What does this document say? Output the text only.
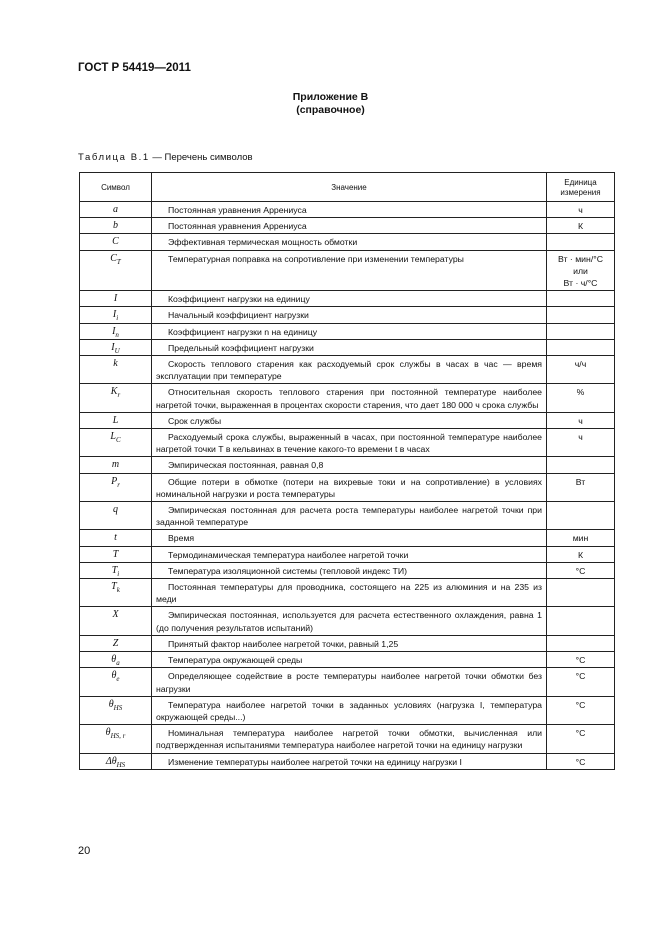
ГОСТ Р 54419—2011
Приложение В
(справочное)
Таблица В.1 — Перечень символов
Символ	Значение	Единица
измерения

a	Постоянная уравнения Аррениуса	ч
b	Постоянная уравнения Аррениуса	К
C	Эффективная термическая мощность обмотки	
$C_T$	Температурная поправка на сопротивление при изменении температуры	Вт · мин/°С
или
Вт · ч/°С
I	Коэффициент нагрузки на единицу	
$I_i$	Начальный коэффициент нагрузки	
$I_n$	Коэффициент нагрузки n на единицу	
$I_U$	Предельный коэффициент нагрузки	
k	Скорость теплового старения как расходуемый срок службы в часах в час — время эксплуатации при температуре	ч/ч
$K_r$	Относительная скорость теплового старения при постоянной температуре наиболее нагретой точки, выраженная в процентах скорости старения, что дает 180 000 ч срока службы	%
L	Срок службы	ч
$L_C$	Расходуемый срока службы, выраженный в часах, при постоянной температуре наиболее нагретой точки T в кельвинах в течение какого-то времени t в часах	ч
m	Эмпирическая постоянная, равная 0,8	
$P_r$	Общие потери в обмотке (потери на вихревые токи и на сопротивление) в условиях номинальной нагрузки и роста температуры	Вт
q	Эмпирическая постоянная для расчета роста температуры наиболее нагретой точки при заданной температуре	
t	Время	мин
T	Термодинамическая температура наиболее нагретой точки	К
$T_i$	Температура изоляционной системы (тепловой индекс ТИ)	°С
$T_k$	Постоянная температуры для проводника, состоящего на 225 из алюминия и на 235 из меди	
X	Эмпирическая постоянная, используется для расчета естественного охлаждения, равна 1 (до получения результатов испытаний)	
Z	Принятый фактор наиболее нагретой точки, равный 1,25	
$\theta_a$	Температура окружающей среды	°С
$\theta_e$	Определяющее содействие в росте температуры наиболее нагретой точки обмотки без нагрузки	°С
$\theta_{HS}$	Температура наиболее нагретой точки в заданных условиях (нагрузка I, температура окружающей среды...)	°С
$\theta_{HS, r}$	Номинальная температура наиболее нагретой точки обмотки, вычисленная или подтвержденная испытаниями температура наиболее нагретой точки на единицу нагрузки	°С
$\Delta\theta_{HS}$	Изменение температуры наиболее нагретой точки на единицу нагрузки I	°С
20
